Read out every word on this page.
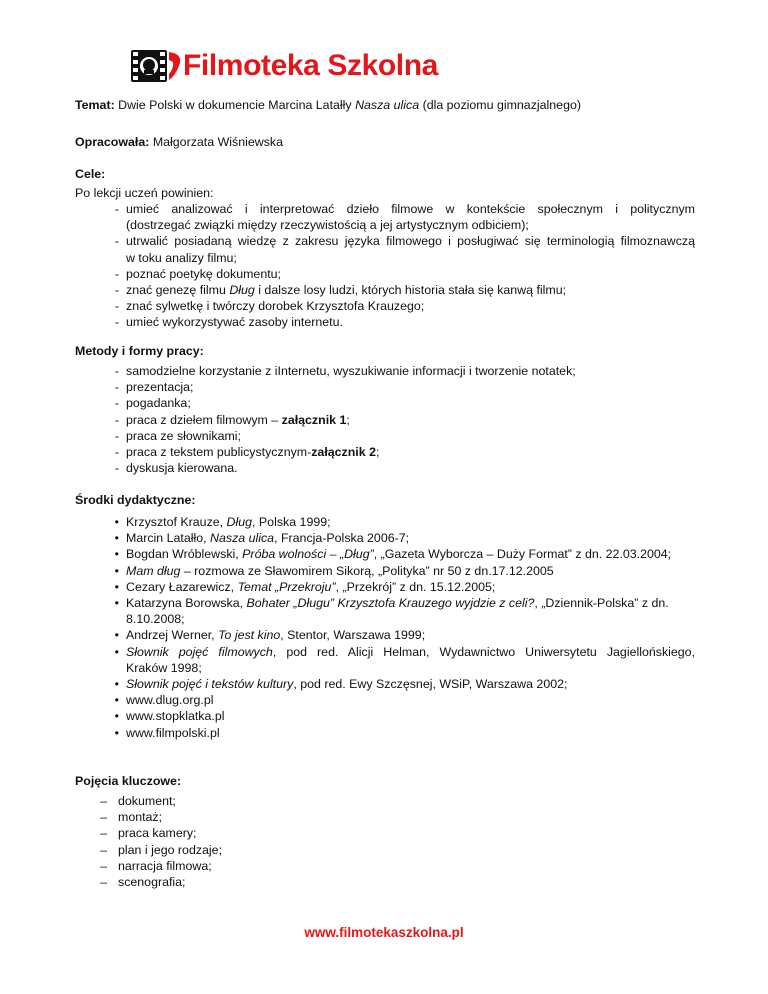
Filmoteka Szkolna
Temat: Dwie Polski w dokumencie Marcina Latałły Nasza ulica (dla poziomu gimnazjalnego)
Opracowała: Małgorzata Wiśniewska
Cele:
Po lekcji uczeń powinien:
- umieć analizować i interpretować dzieło filmowe w kontekście społecznym i politycznym
(dostrzegać związki między rzeczywistością a jej artystycznym odbiciem);
- utrwalić posiadaną wiedzę z zakresu języka filmowego i posługiwać się terminologią filmoznawczą
w toku analizy filmu;
- poznać poetykę dokumentu;
- znać genezę filmu Dług i dalsze losy ludzi, których historia stała się kanwą filmu;
- znać sylwetkę i twórczy dorobek Krzysztofa Krauzego;
- umieć wykorzystywać zasoby internetu.
Metody i formy pracy:
- samodzielne korzystanie z iInternetu, wyszukiwanie informacji i tworzenie notatek;
- prezentacja;
- pogadanka;
- praca z dziełem filmowym – załącznik 1;
- praca ze słownikami;
- praca z tekstem publicystycznym-załącznik 2;
- dyskusja kierowana.
Środki dydaktyczne:
• Krzysztof Krauze, Dług, Polska 1999;
• Marcin Latałło, Nasza ulica, Francja-Polska 2006-7;
• Bogdan Wróblewski, Próba wolności – „Dług”, „Gazeta Wyborcza – Duży Format” z dn. 22.03.2004;
• Mam dług – rozmowa ze Sławomirem Sikorą, „Polityka” nr 50 z dn.17.12.2005
• Cezary Łazarewicz, Temat „Przekroju”, „Przekrój” z dn. 15.12.2005;
• Katarzyna Borowska, Bohater „Długu” Krzysztofa Krauzego wyjdzie z celi?, „Dziennik-Polska” z dn.
8.10.2008;
• Andrzej Werner, To jest kino, Stentor, Warszawa 1999;
• Słownik pojęć filmowych, pod red. Alicji Helman, Wydawnictwo Uniwersytetu Jagiellońskiego,
Kraków 1998;
• Słownik pojęć i tekstów kultury, pod red. Ewy Szczęsnej, WSiP, Warszawa 2002;
• www.dlug.org.pl
• www.stopklatka.pl
• www.filmpolski.pl
Pojęcia kluczowe:
– dokument;
– montaż;
– praca kamery;
– plan i jego rodzaje;
– narracja filmowa;
– scenografia;
www.filmotekaszkolna.pl
